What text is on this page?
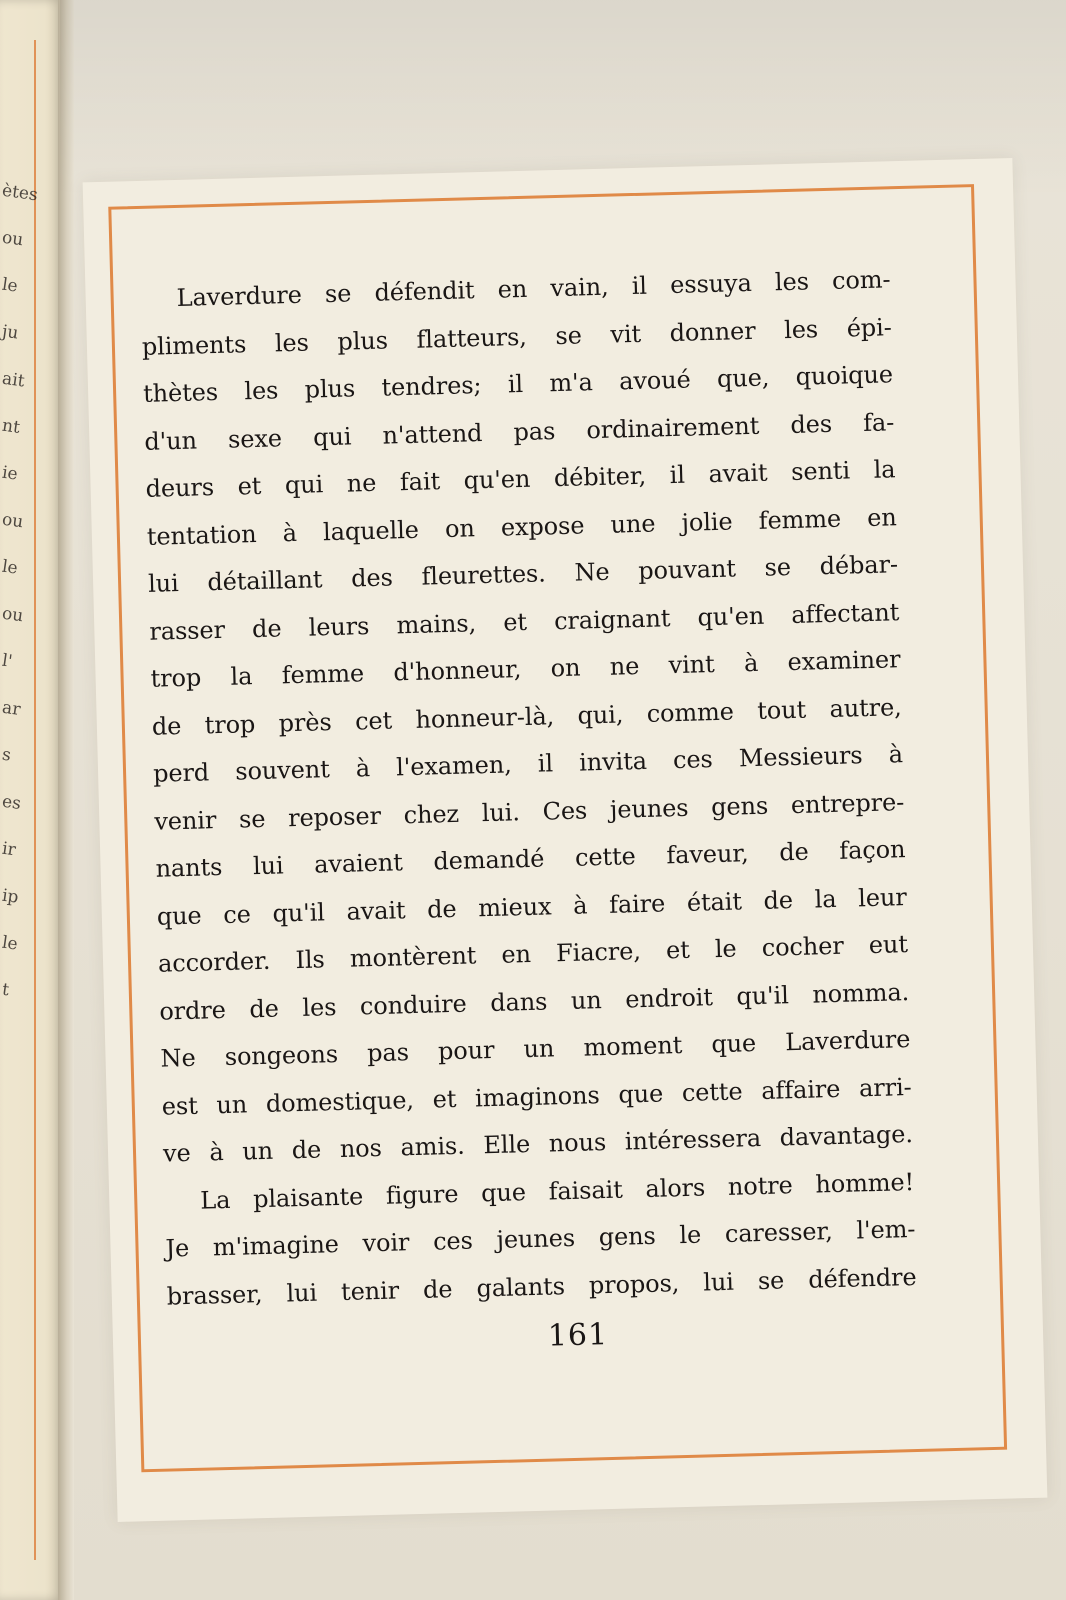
ètes
ou
le
ju
ait
nt
ie
ou
le
ou
l'
ar
s
es
ir
ip
le
t
Laverdure se défendit en vain, il essuya les com-
pliments les plus flatteurs, se vit donner les épi-
thètes les plus tendres; il m'a avoué que, quoique
d'un sexe qui n'attend pas ordinairement des fa-
deurs et qui ne fait qu'en débiter, il avait senti la
tentation à laquelle on expose une jolie femme en
lui détaillant des fleurettes. Ne pouvant se débar-
rasser de leurs mains, et craignant qu'en affectant
trop la femme d'honneur, on ne vint à examiner
de trop près cet honneur-là, qui, comme tout autre,
perd souvent à l'examen, il invita ces Messieurs à
venir se reposer chez lui. Ces jeunes gens entrepre-
nants lui avaient demandé cette faveur, de façon
que ce qu'il avait de mieux à faire était de la leur
accorder. Ils montèrent en Fiacre, et le cocher eut
ordre de les conduire dans un endroit qu'il nomma.
Ne songeons pas pour un moment que Laverdure
est un domestique, et imaginons que cette affaire arri-
ve à un de nos amis. Elle nous intéressera davantage.
La plaisante figure que faisait alors notre homme!
Je m'imagine voir ces jeunes gens le caresser, l'em-
brasser, lui tenir de galants propos, lui se défendre
161
